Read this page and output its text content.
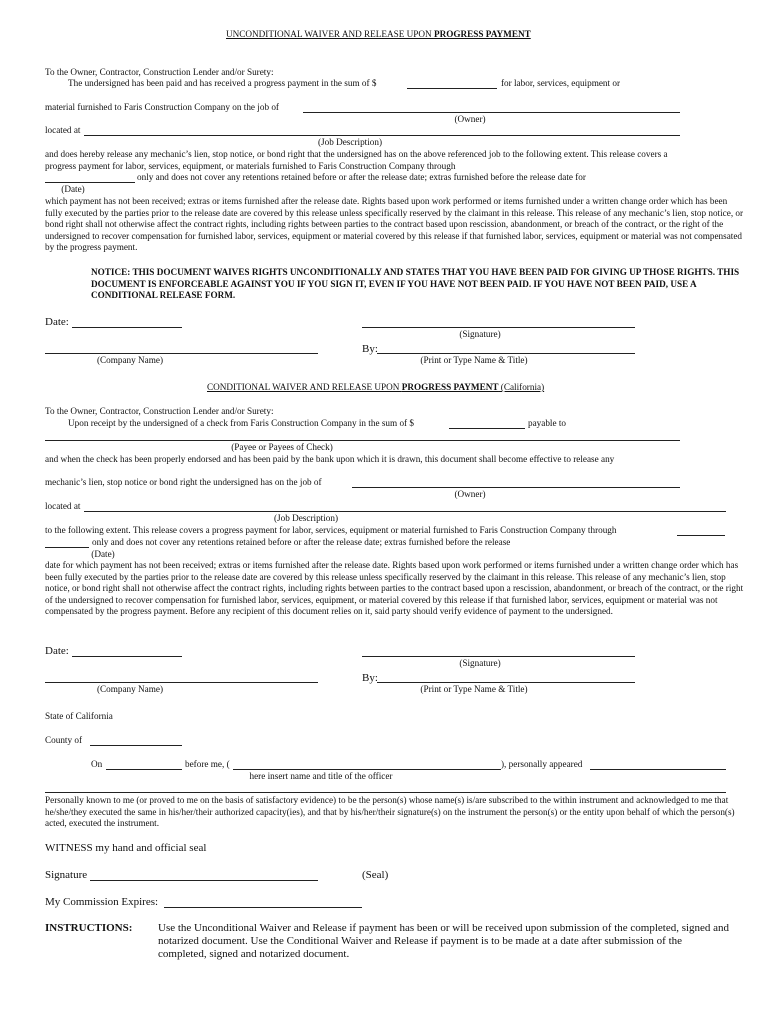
UNCONDITIONAL WAIVER AND RELEASE UPON PROGRESS PAYMENT
To the Owner, Contractor, Construction Lender and/or Surety:
The undersigned has been paid and has received a progress payment in the sum of $	for labor, services, equipment or
material furnished to Faris Construction Company on the job of
(Owner)
located at
(Job Description)
and does hereby release any mechanic’s lien, stop notice, or bond right that the undersigned has on the above referenced job to the following extent. This release covers a
progress payment for labor, services, equipment, or materials furnished to Faris Construction Company through
only and does not cover any retentions retained before or after the release date; extras furnished before the release date for
(Date)
which payment has not been received; extras or items furnished after the release date. Rights based upon work performed or items furnished under a written change order which has been fully executed by the parties prior to the release date are covered by this release unless specifically reserved by the claimant in this release. This release of any mechanic’s lien, stop notice, or bond right shall not otherwise affect the contract rights, including rights between parties to the contract based upon rescission, abandonment, or breach of the contract, or the right of the undersigned to recover compensation for furnished labor, services, equipment or material covered by this release if that furnished labor, services, equipment or material was not compensated by the progress payment.
NOTICE: THIS DOCUMENT WAIVES RIGHTS UNCONDITIONALLY AND STATES THAT YOU HAVE BEEN PAID FOR GIVING UP THOSE RIGHTS. THIS DOCUMENT IS ENFORCEABLE AGAINST YOU IF YOU SIGN IT, EVEN IF YOU HAVE NOT BEEN PAID. IF YOU HAVE NOT BEEN PAID, USE A CONDITIONAL RELEASE FORM.
Date:
(Signature)
By:
(Company Name)	(Print or Type Name & Title)
CONDITIONAL WAIVER AND RELEASE UPON PROGRESS PAYMENT (California)
To the Owner, Contractor, Construction Lender and/or Surety:
Upon receipt by the undersigned of a check from Faris Construction Company in the sum of $	payable to
(Payee or Payees of Check)
and when the check has been properly endorsed and has been paid by the bank upon which it is drawn, this document shall become effective to release any
mechanic’s lien, stop notice or bond right the undersigned has on the job of
(Owner)
located at
(Job Description)
to the following extent. This release covers a progress payment for labor, services, equipment or material furnished to Faris Construction Company through
only and does not cover any retentions retained before or after the release date; extras furnished before the release
(Date)
date for which payment has not been received; extras or items furnished after the release date. Rights based upon work performed or items furnished under a written change order which has been fully executed by the parties prior to the release date are covered by this release unless specifically reserved by the claimant in this release. This release of any mechanic’s lien, stop notice, or bond right shall not otherwise affect the contract rights, including rights between parties to the contract based upon a rescission, abandonment, or breach of the contract, or the right of the undersigned to recover compensation for furnished labor, services, equipment, or material covered by this release if that furnished labor, services, equipment or material was not compensated by the progress payment. Before any recipient of this document relies on it, said party should verify evidence of payment to the undersigned.
Date:
(Signature)
By:
(Company Name)	(Print or Type Name & Title)
State of California
County of
On	before me, (	), personally appeared
here insert name and title of the officer
Personally known to me (or proved to me on the basis of satisfactory evidence) to be the person(s) whose name(s) is/are subscribed to the within instrument and acknowledged to me that he/she/they executed the same in his/her/their authorized capacity(ies), and that by his/her/their signature(s) on the instrument the person(s) or the entity upon behalf of which the person(s) acted, executed the instrument.
WITNESS my hand and official seal
Signature	(Seal)
My Commission Expires:
INSTRUCTIONS: Use the Unconditional Waiver and Release if payment has been or will be received upon submission of the completed, signed and notarized document. Use the Conditional Waiver and Release if payment is to be made at a date after submission of the completed, signed and notarized document.
